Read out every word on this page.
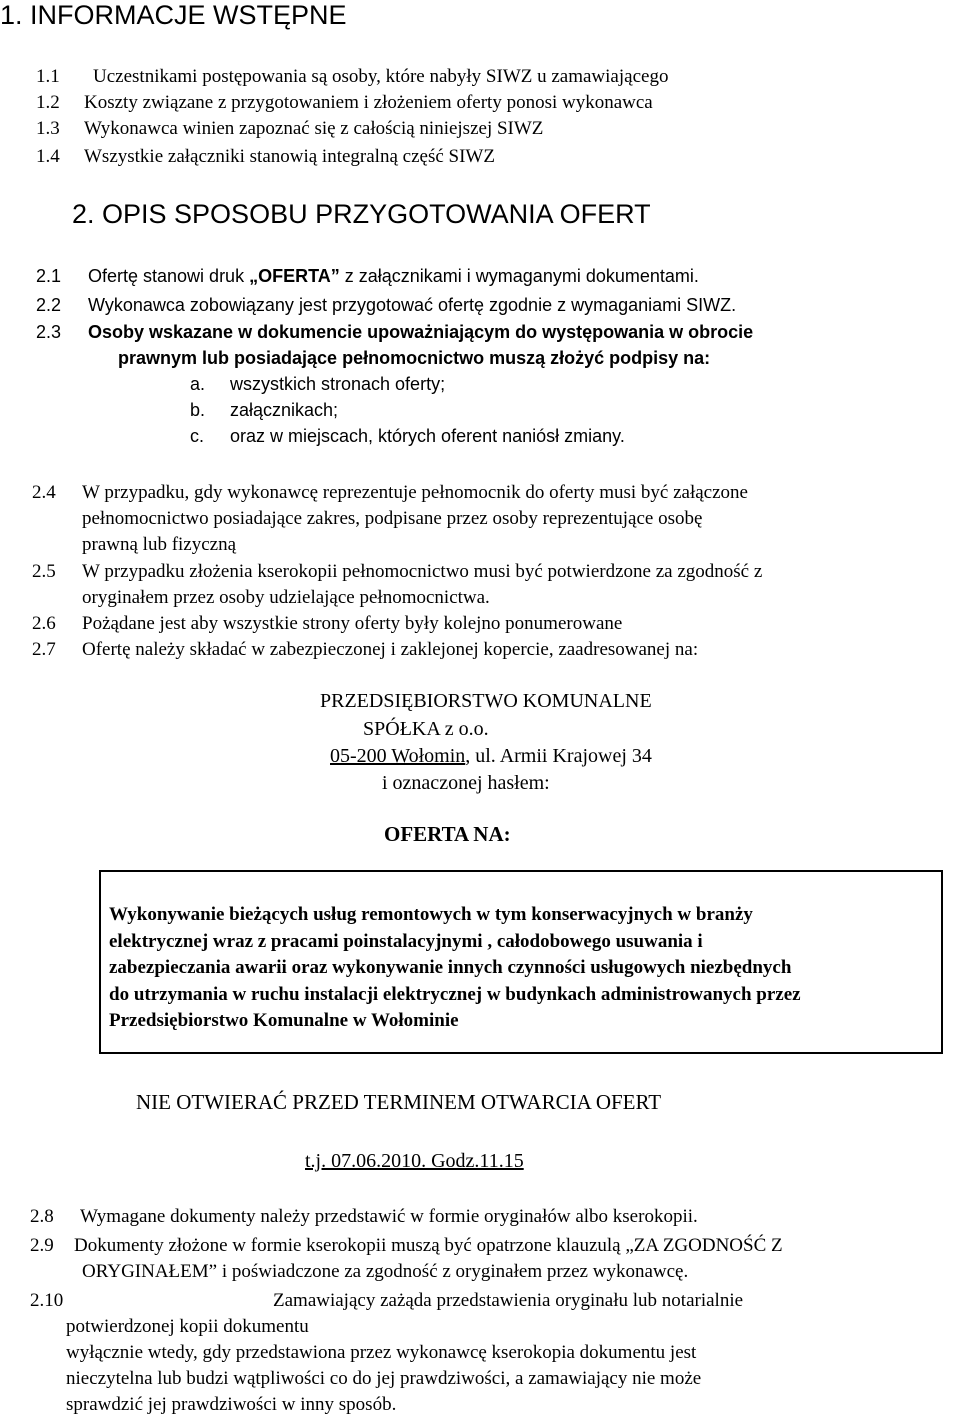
1. INFORMACJE WSTĘPNE
1.1 Uczestnikami postępowania są osoby, które nabyły SIWZ u zamawiającego
1.2 Koszty związane z przygotowaniem i złożeniem oferty ponosi wykonawca
1.3 Wykonawca winien zapoznać się z całością niniejszej SIWZ
1.4 Wszystkie załączniki stanowią integralną część SIWZ
2. OPIS SPOSOBU PRZYGOTOWANIA OFERT
2.1 Ofertę stanowi druk „OFERTA” z załącznikami i wymaganymi dokumentami.
2.2 Wykonawca zobowiązany jest przygotować ofertę zgodnie z wymaganiami SIWZ.
2.3 Osoby wskazane w dokumencie upoważniającym do występowania w obrocie
prawnym lub posiadające pełnomocnictwo muszą złożyć podpisy na:
a. wszystkich stronach oferty;
b. załącznikach;
c. oraz w miejscach, których oferent naniósł zmiany.
2.4 W przypadku, gdy wykonawcę reprezentuje pełnomocnik do oferty musi być załączone
pełnomocnictwo posiadające zakres, podpisane przez osoby reprezentujące osobę
prawną lub fizyczną
2.5 W przypadku złożenia kserokopii pełnomocnictwo musi być potwierdzone za zgodność z
oryginałem przez osoby udzielające pełnomocnictwa.
2.6 Pożądane jest aby wszystkie strony oferty były kolejno ponumerowane
2.7 Ofertę należy składać w zabezpieczonej i zaklejonej kopercie, zaadresowanej na:
PRZEDSIĘBIORSTWO KOMUNALNE
SPÓŁKA z o.o.
05-200 Wołomin, ul. Armii Krajowej 34
i oznaczonej hasłem:
OFERTA NA:
Wykonywanie bieżących usług remontowych w tym konserwacyjnych w branży
elektrycznej wraz z pracami poinstalacyjnymi , całodobowego usuwania i
zabezpieczania awarii oraz wykonywanie innych czynności usługowych niezbędnych
do utrzymania w ruchu instalacji elektrycznej w budynkach administrowanych przez
Przedsiębiorstwo Komunalne w Wołominie
NIE OTWIERAĆ PRZED TERMINEM OTWARCIA OFERT
t.j. 07.06.2010. Godz.11.15
2.8 Wymagane dokumenty należy przedstawić w formie oryginałów albo kserokopii.
2.9 Dokumenty złożone w formie kserokopii muszą być opatrzone klauzulą „ZA ZGODNOŚĆ Z
ORYGINAŁEM” i poświadczone za zgodność z oryginałem przez wykonawcę.
2.10	Zamawiający zażąda przedstawienia oryginału lub notarialnie
potwierdzonej kopii dokumentu
wyłącznie wtedy, gdy przedstawiona przez wykonawcę kserokopia dokumentu jest
nieczytelna lub budzi wątpliwości co do jej prawdziwości, a zamawiający nie może
sprawdzić jej prawdziwości w inny sposób.
